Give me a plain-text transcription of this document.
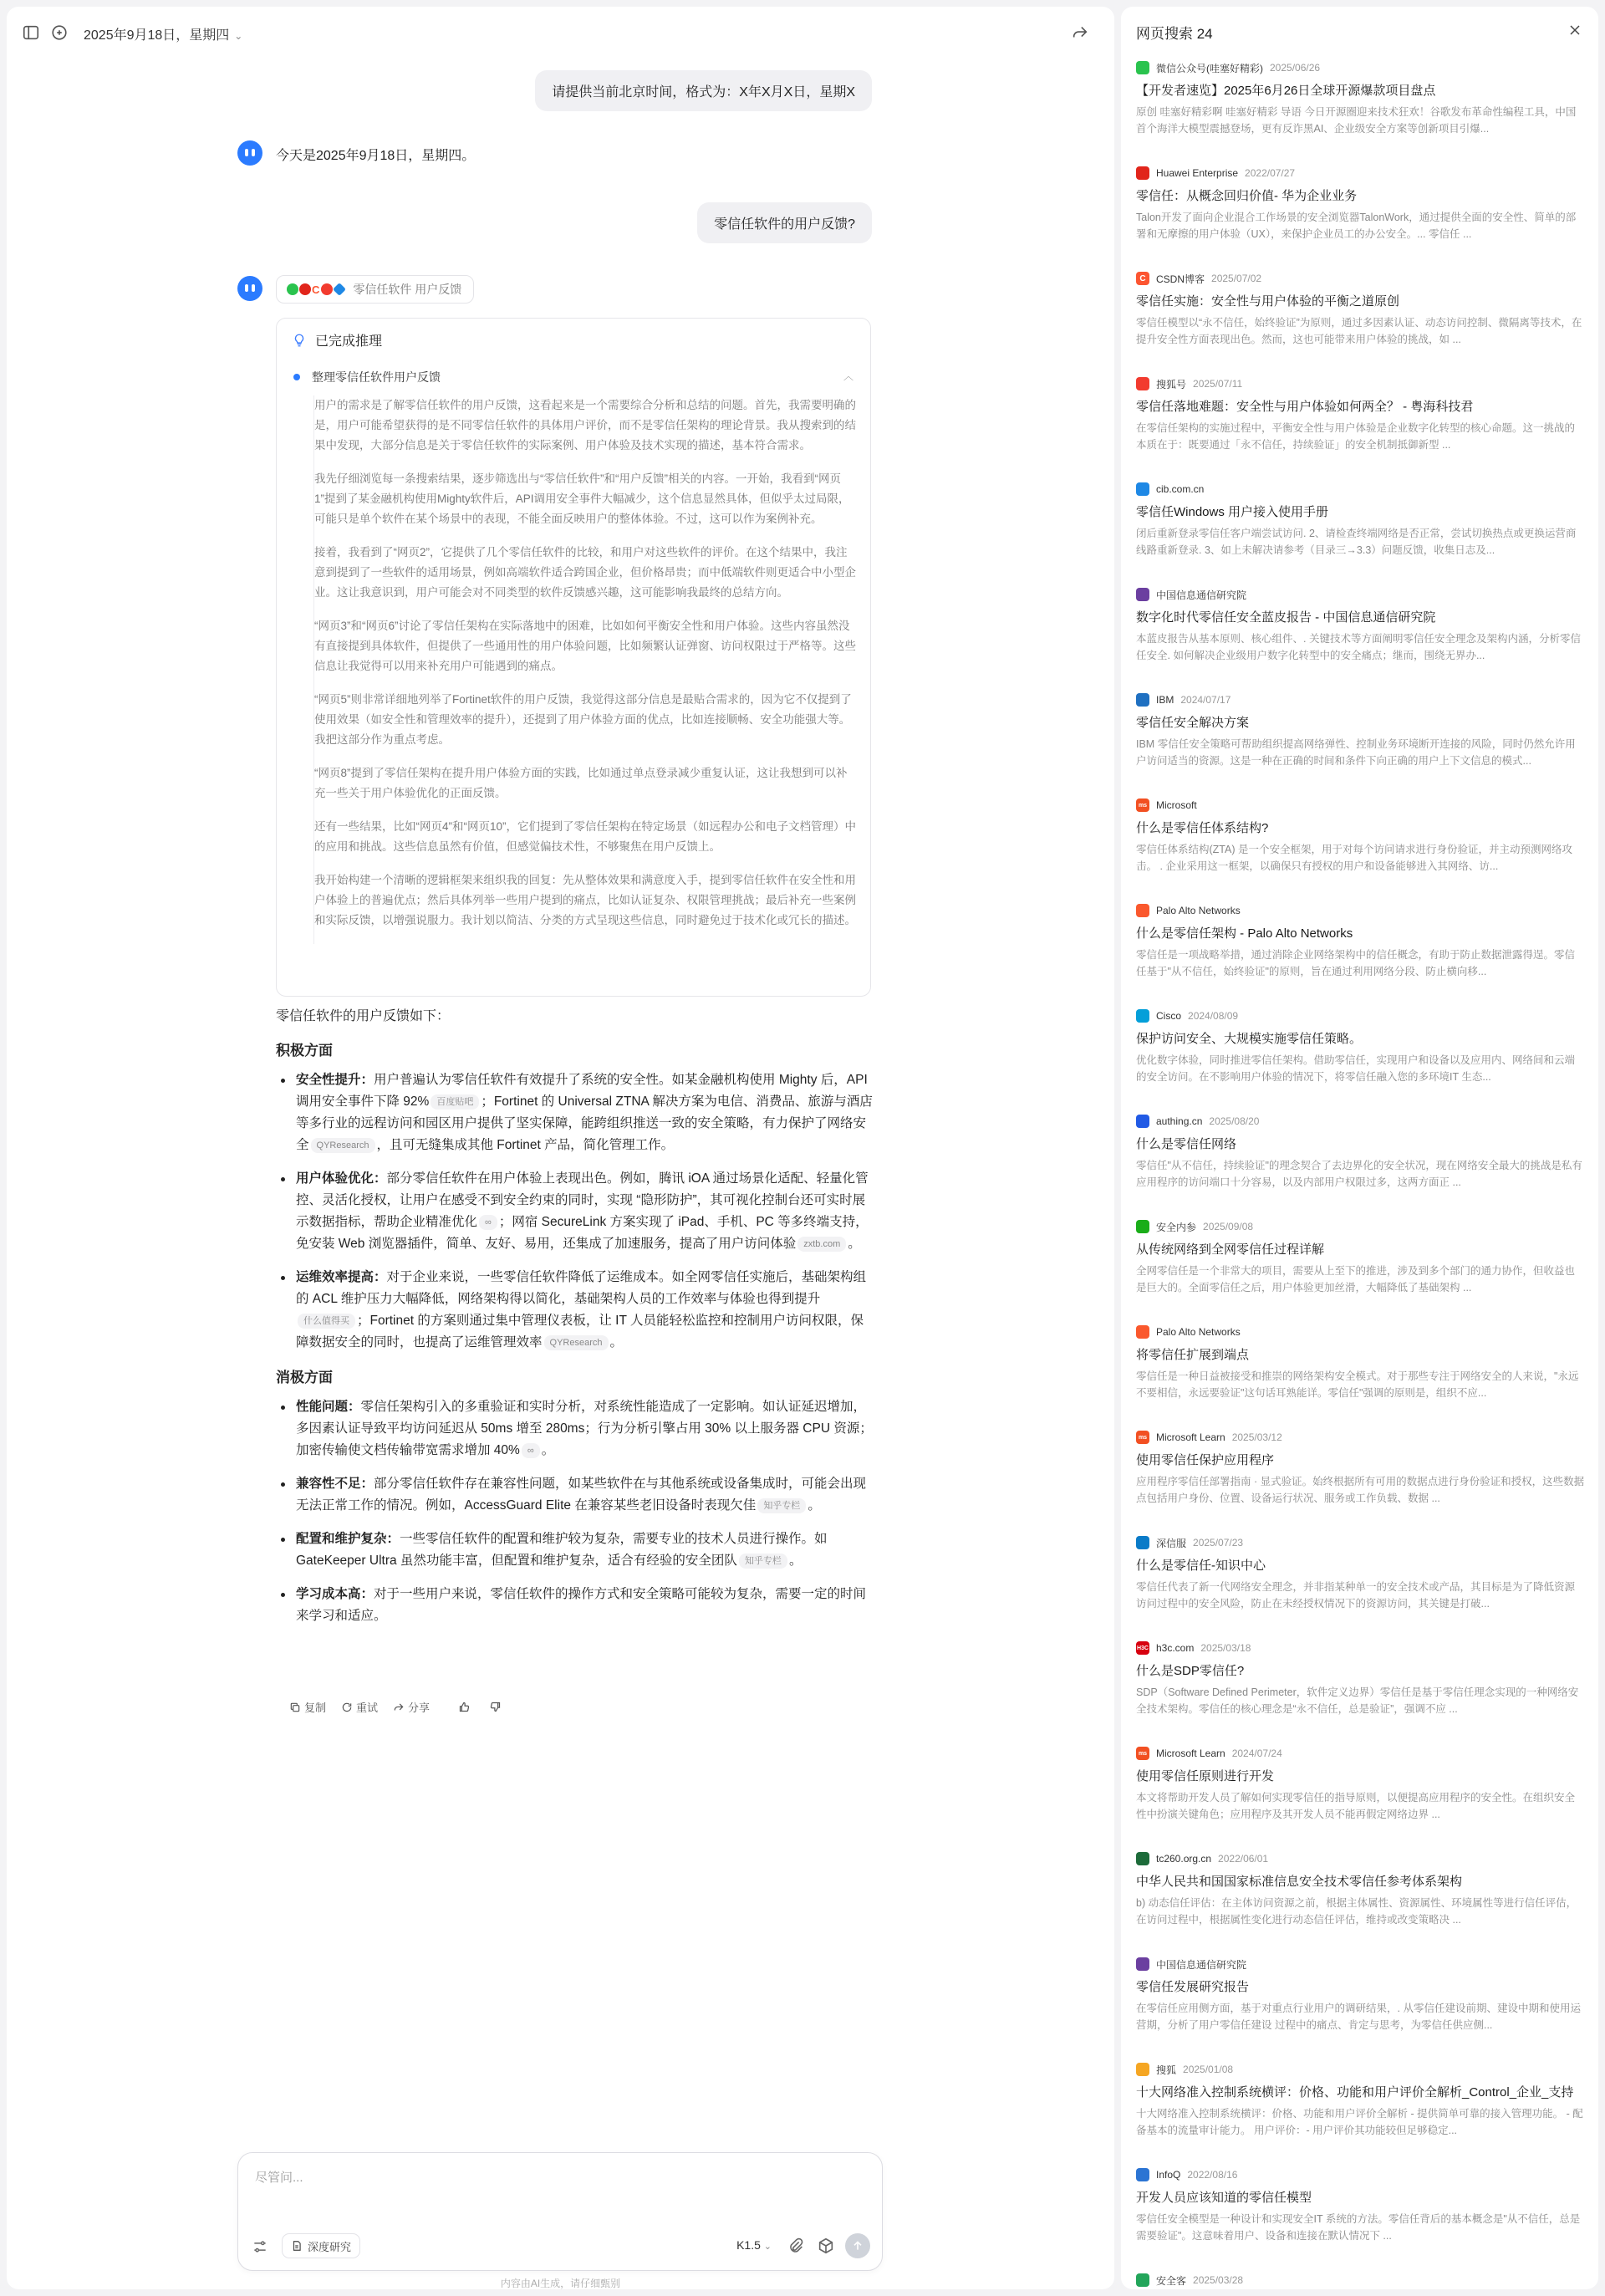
2025年9月18日，星期四 ⌄
请提供当前北京时间，格式为：X年X月X日，星期X
今天是2025年9月18日，星期四。
零信任软件的用户反馈?
C	零信任软件 用户反馈
已完成推理
整理零信任软件用户反馈	︿

用户的需求是了解零信任软件的用户反馈，这看起来是一个需要综合分析和总结的问题。首先，我需要明确的是，用户可能希望获得的是不同零信任软件的具体用户评价，而不是零信任架构的理论背景。我从搜索到的结果中发现，大部分信息是关于零信任软件的实际案例、用户体验及技术实现的描述，基本符合需求。

我先仔细浏览每一条搜索结果，逐步筛选出与“零信任软件”和“用户反馈”相关的内容。一开始，我看到“网页1”提到了某金融机构使用Mighty软件后，API调用安全事件大幅减少，这个信息显然具体，但似乎太过局限，可能只是单个软件在某个场景中的表现，不能全面反映用户的整体体验。不过，这可以作为案例补充。

接着，我看到了“网页2”，它提供了几个零信任软件的比较，和用户对这些软件的评价。在这个结果中，我注意到提到了一些软件的适用场景，例如高端软件适合跨国企业，但价格昂贵；而中低端软件则更适合中小型企业。这让我意识到，用户可能会对不同类型的软件反馈感兴趣，这可能影响我最终的总结方向。

“网页3”和“网页6”讨论了零信任架构在实际落地中的困难，比如如何平衡安全性和用户体验。这些内容虽然没有直接提到具体软件，但提供了一些通用性的用户体验问题，比如频繁认证弹窗、访问权限过于严格等。这些信息让我觉得可以用来补充用户可能遇到的痛点。

“网页5”则非常详细地列举了Fortinet软件的用户反馈，我觉得这部分信息是最贴合需求的，因为它不仅提到了使用效果（如安全性和管理效率的提升），还提到了用户体验方面的优点，比如连接顺畅、安全功能强大等。我把这部分作为重点考虑。

“网页8”提到了零信任架构在提升用户体验方面的实践，比如通过单点登录减少重复认证，这让我想到可以补充一些关于用户体验优化的正面反馈。

还有一些结果，比如“网页4”和“网页10”，它们提到了零信任架构在特定场景（如远程办公和电子文档管理）中的应用和挑战。这些信息虽然有价值，但感觉偏技术性，不够聚焦在用户反馈上。

我开始构建一个清晰的逻辑框架来组织我的回复：先从整体效果和满意度入手，提到零信任软件在安全性和用户体验上的普遍优点；然后具体列举一些用户提到的痛点，比如认证复杂、权限管理挑战；最后补充一些案例和实际反馈，以增强说服力。我计划以简洁、分类的方式呈现这些信息，同时避免过于技术化或冗长的描述。

零信任软件的用户反馈如下：
积极方面
安全性提升：用户普遍认为零信任软件有效提升了系统的安全性。如某金融机构使用 Mighty 后，API 调用安全事件下降 92% 百度贴吧 ；Fortinet 的 Universal ZTNA 解决方案为电信、消费品、旅游与酒店等多行业的远程访问和园区用户提供了坚实保障，能跨组织推送一致的安全策略，有力保护了网络安全 QYResearch ，且可无缝集成其他 Fortinet 产品，简化管理工作。
用户体验优化：部分零信任软件在用户体验上表现出色。例如，腾讯 iOA 通过场景化适配、轻量化管控、灵活化授权，让用户在感受不到安全约束的同时，实现 “隐形防护”，其可视化控制台还可实时展示数据指标，帮助企业精准优化 ∞ ；网宿 SecureLink 方案实现了 iPad、手机、PC 等多终端支持，免安装 Web 浏览器插件，简单、友好、易用，还集成了加速服务，提高了用户访问体验 zxtb.com 。
运维效率提高：对于企业来说，一些零信任软件降低了运维成本。如全网零信任实施后，基础架构组的 ACL 维护压力大幅降低，网络架构得以简化，基础架构人员的工作效率与体验也得到提升什么值得买 ；Fortinet 的方案则通过集中管理仪表板，让 IT 人员能轻松监控和控制用户访问权限，保障数据安全的同时，也提高了运维管理效率 QYResearch 。
消极方面
性能问题：零信任架构引入的多重验证和实时分析，对系统性能造成了一定影响。如认证延迟增加，多因素认证导致平均访问延迟从 50ms 增至 280ms；行为分析引擎占用 30% 以上服务器 CPU 资源；加密传输使文档传输带宽需求增加 40% ∞ 。
兼容性不足：部分零信任软件存在兼容性问题，如某些软件在与其他系统或设备集成时，可能会出现无法正常工作的情况。例如，AccessGuard Elite 在兼容某些老旧设备时表现欠佳 知乎专栏 。
配置和维护复杂：一些零信任软件的配置和维护较为复杂，需要专业的技术人员进行操作。如 GateKeeper Ultra 虽然功能丰富，但配置和维护复杂，适合有经验的安全团队 知乎专栏 。
学习成本高：对于一些用户来说，零信任软件的操作方式和安全策略可能较为复杂，需要一定的时间来学习和适应。
复制	重试	分享
尽管问...
深度研究	K1.5 ⌄
内容由AI生成，请仔细甄别
网页搜索 24
微信公众号(哇塞好精彩) 2025/06/26
【开发者速览】2025年6月26日全球开源爆款项目盘点
原创 哇塞好精彩啊 哇塞好精彩 导语 今日开源圈迎来技术狂欢！谷歌发布革命性编程工具，中国首个海洋大模型震撼登场，更有反诈黑AI、企业级安全方案等创新项目引爆...
Huawei Enterprise 2022/07/27
零信任：从概念回归价值- 华为企业业务
Talon开发了面向企业混合工作场景的安全浏览器TalonWork，通过提供全面的安全性、简单的部署和无摩擦的用户体验（UX），来保护企业员工的办公安全。... 零信任 ...
C	CSDN博客 2025/07/02
零信任实施：安全性与用户体验的平衡之道原创
零信任模型以“永不信任，始终验证”为原则，通过多因素认证、动态访问控制、微隔离等技术，在提升安全性方面表现出色。然而，这也可能带来用户体验的挑战，如 ...
搜狐号 2025/07/11
零信任落地难题：安全性与用户体验如何两全？ - 粤海科技君
在零信任架构的实施过程中，平衡安全性与用户体验是企业数字化转型的核心命题。这一挑战的本质在于：既要通过「永不信任，持续验证」的安全机制抵御新型 ...
cib.com.cn
零信任Windows 用户接入使用手册
闭后重新登录零信任客户端尝试访问. 2、请检查终端网络是否正常，尝试切换热点或更换运营商线路重新登录. 3、如上未解决请参考（目录三→3.3）问题反馈，收集日志及...
中国信息通信研究院
数字化时代零信任安全蓝皮报告 - 中国信息通信研究院
本蓝皮报告从基本原则、核心组件、. 关键技术等方面阐明零信任安全理念及架构内涵，分析零信任安全. 如何解决企业级用户数字化转型中的安全痛点；继而，围绕无界办...
IBM 2024/07/17
零信任安全解决方案
IBM 零信任安全策略可帮助组织提高网络弹性、控制业务环境断开连接的风险，同时仍然允许用户访问适当的资源。这是一种在正确的时间和条件下向正确的用户上下文信息的模式...
ms Microsoft
什么是零信任体系结构?
零信任体系结构(ZTA) 是一个安全框架，用于对每个访问请求进行身份验证，并主动预测网络攻击。 . 企业采用这一框架，以确保只有授权的用户和设备能够进入其网络、访...
Palo Alto Networks
什么是零信任架构 - Palo Alto Networks
零信任是一项战略举措，通过消除企业网络架构中的信任概念，有助于防止数据泄露得逞。零信任基于"从不信任，始终验证"的原则，旨在通过利用网络分段、防止横向移...
Cisco 2024/08/09
保护访问安全、大规模实施零信任策略。
优化数字体验，同时推进零信任架构。借助零信任，实现用户和设备以及应用内、网络间和云端的安全访问。在不影响用户体验的情况下，将零信任融入您的多环境IT 生态...
authing.cn 2025/08/20
什么是零信任网络
零信任"从不信任，持续验证"的理念契合了去边界化的安全状况，现在网络安全最大的挑战是私有应用程序的访问端口十分容易，以及内部用户权限过多，这两方面正 ...
安全内参 2025/09/08
从传统网络到全网零信任过程详解
全网零信任是一个非常大的项目，需要从上至下的推进，涉及到多个部门的通力协作，但收益也是巨大的。全面零信任之后，用户体验更加丝滑，大幅降低了基础架构 ...
Palo Alto Networks
将零信任扩展到端点
零信任是一种日益被接受和推崇的网络架构安全模式。对于那些专注于网络安全的人来说，"永远不要相信，永远要验证"这句话耳熟能详。零信任"强调的原则是，组织不应...
ms Microsoft Learn 2025/03/12
使用零信任保护应用程序
应用程序零信任部署指南 · 显式验证。始终根据所有可用的数据点进行身份验证和授权，这些数据点包括用户身份、位置、设备运行状况、服务或工作负载、数据 ...
深信服 2025/07/23
什么是零信任-知识中心
零信任代表了新一代网络安全理念，并非指某种单一的安全技术或产品，其目标是为了降低资源访问过程中的安全风险，防止在未经授权情况下的资源访问，其关键是打破...
H3C h3c.com 2025/03/18
什么是SDP零信任?
SDP（Software Defined Perimeter，软件定义边界）零信任是基于零信任理念实现的一种网络安全技术架构。零信任的核心理念是“永不信任，总是验证”，强调不应 ...
ms Microsoft Learn 2024/07/24
使用零信任原则进行开发
本文将帮助开发人员了解如何实现零信任的指导原则，以便提高应用程序的安全性。在组织安全性中扮演关键角色；应用程序及其开发人员不能再假定网络边界 ...
tc260.org.cn 2022/06/01
中华人民共和国国家标准信息安全技术零信任参考体系架构
b) 动态信任评估：在主体访问资源之前，根据主体属性、资源属性、环境属性等进行信任评估，在访问过程中，根据属性变化进行动态信任评估，维持或改变策略决 ...
中国信息通信研究院
零信任发展研究报告
在零信任应用侧方面，基于对重点行业用户的调研结果，. 从零信任建设前期、建设中期和使用运营期，分析了用户零信任建设 过程中的痛点、肯定与思考，为零信任供应侧...
搜狐 2025/01/08
十大网络准入控制系统横评：价格、功能和用户评价全解析_Control_企业_支持
十大网络准入控制系统横评：价格、功能和用户评价全解析 - 提供简单可靠的接入管理功能。 - 配备基本的流量审计能力。 用户评价：- 用户评价其功能较但足够稳定...
InfoQ 2022/08/16
开发人员应该知道的零信任模型
零信任安全模型是一种设计和实现安全IT 系统的方法。零信任背后的基本概念是"从不信任，总是需要验证"。这意味着用户、设备和连接在默认情况下 ...
安全客 2025/03/28
